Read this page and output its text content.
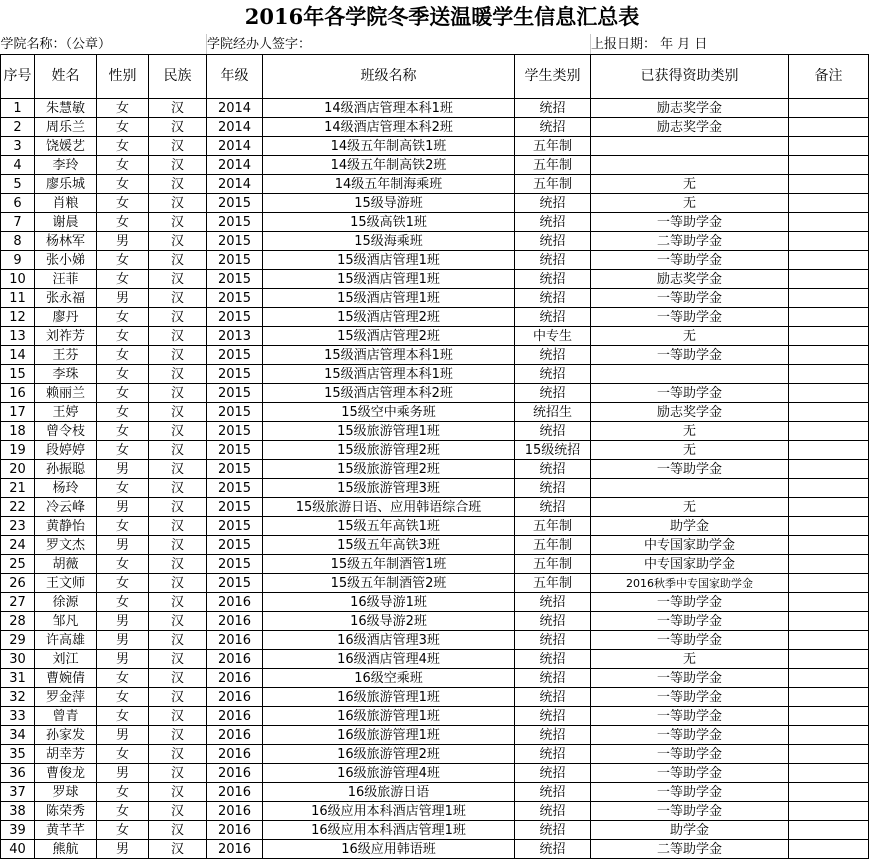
2016年各学院冬季送温暖学生信息汇总表
学院名称：（公章）				学院经办人签字：			上报日期： 年 月 日	
序号	姓名	性别	民族	年级	班级名称	学生类别	已获得资助类别	备注
1	朱慧敏	女	汉	2014	14级酒店管理本科1班	统招	励志奖学金	
2	周乐兰	女	汉	2014	14级酒店管理本科2班	统招	励志奖学金	
3	饶媛艺	女	汉	2014	14级五年制高铁1班	五年制		
4	李玲	女	汉	2014	14级五年制高铁2班	五年制		
5	廖乐城	女	汉	2014	14级五年制海乘班	五年制	无	
6	肖粮	女	汉	2015	15级导游班	统招	无	
7	谢晨	女	汉	2015	15级高铁1班	统招	一等助学金	
8	杨林军	男	汉	2015	15级海乘班	统招	二等助学金	
9	张小娣	女	汉	2015	15级酒店管理1班	统招	一等助学金	
10	汪菲	女	汉	2015	15级酒店管理1班	统招	励志奖学金	
11	张永福	男	汉	2015	15级酒店管理1班	统招	一等助学金	
12	廖丹	女	汉	2015	15级酒店管理2班	统招	一等助学金	
13	刘祚芳	女	汉	2013	15级酒店管理2班	中专生	无	
14	王芬	女	汉	2015	15级酒店管理本科1班	统招	一等助学金	
15	李珠	女	汉	2015	15级酒店管理本科1班	统招		
16	赖丽兰	女	汉	2015	15级酒店管理本科2班	统招	一等助学金	
17	王婷	女	汉	2015	15级空中乘务班	统招生	励志奖学金	
18	曾令枝	女	汉	2015	15级旅游管理1班	统招	无	
19	段婷婷	女	汉	2015	15级旅游管理2班	15级统招	无	
20	孙振聪	男	汉	2015	15级旅游管理2班	统招	一等助学金	
21	杨玲	女	汉	2015	15级旅游管理3班	统招		
22	冷云峰	男	汉	2015	15级旅游日语、应用韩语综合班	统招	无	
23	黄静怡	女	汉	2015	15级五年高铁1班	五年制	助学金	
24	罗文杰	男	汉	2015	15级五年高铁3班	五年制	中专国家助学金	
25	胡薇	女	汉	2015	15级五年制酒管1班	五年制	中专国家助学金	
26	王文师	女	汉	2015	15级五年制酒管2班	五年制	2016秋季中专国家助学金	
27	徐源	女	汉	2016	16级导游1班	统招	一等助学金	
28	邹凡	男	汉	2016	16级导游2班	统招	一等助学金	
29	许高雄	男	汉	2016	16级酒店管理3班	统招	一等助学金	
30	刘江	男	汉	2016	16级酒店管理4班	统招	无	
31	曹婉倩	女	汉	2016	16级空乘班	统招	一等助学金	
32	罗金萍	女	汉	2016	16级旅游管理1班	统招	一等助学金	
33	曾青	女	汉	2016	16级旅游管理1班	统招	一等助学金	
34	孙家发	男	汉	2016	16级旅游管理1班	统招	一等助学金	
35	胡幸芳	女	汉	2016	16级旅游管理2班	统招	一等助学金	
36	曹俊龙	男	汉	2016	16级旅游管理4班	统招	一等助学金	
37	罗球	女	汉	2016	16级旅游日语	统招	一等助学金	
38	陈荣秀	女	汉	2016	16级应用本科酒店管理1班	统招	一等助学金	
39	黄芊芊	女	汉	2016	16级应用本科酒店管理1班	统招	助学金	
40	熊航	男	汉	2016	16级应用韩语班	统招	二等助学金	
